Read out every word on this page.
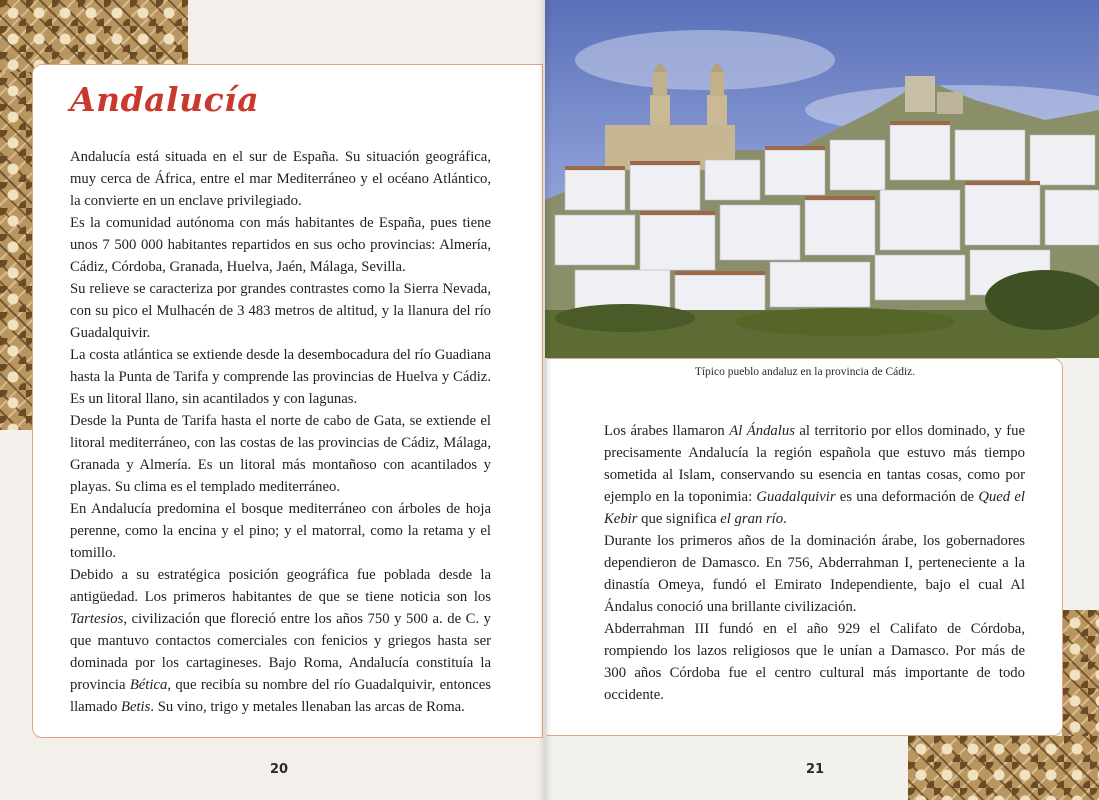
Andalucía

Andalucía está situada en el sur de España. Su situación geográfica, muy cerca de África, entre el mar Mediterráneo y el océano Atlántico, la convierte en un enclave privilegiado.

Es la comunidad autónoma con más habitantes de España, pues tiene unos 7 500 000 habitantes repartidos en sus ocho provincias: Almería, Cádiz, Córdoba, Granada, Huelva, Jaén, Málaga, Sevilla.

Su relieve se caracteriza por grandes contrastes como la Sierra Nevada, con su pico el Mulhacén de 3 483 metros de altitud, y la llanura del río Guadalquivir.

La costa atlántica se extiende desde la desembocadura del río Guadiana hasta la Punta de Tarifa y comprende las provincias de Huelva y Cádiz. Es un litoral llano, sin acantilados y con lagunas.

Desde la Punta de Tarifa hasta el norte de cabo de Gata, se extiende el litoral mediterráneo, con las costas de las provincias de Cádiz, Málaga, Granada y Almería. Es un litoral más montañoso con acantilados y playas. Su clima es el templado mediterráneo.

En Andalucía predomina el bosque mediterráneo con árboles de hoja perenne, como la encina y el pino; y el matorral, como la retama y el tomillo.

Debido a su estratégica posición geográfica fue poblada desde la antigüedad. Los primeros habitantes de que se tiene noticia son los Tartesios, civilización que floreció entre los años 750 y 500 a. de C. y que mantuvo contactos comerciales con fenicios y griegos hasta ser dominada por los cartagineses. Bajo Roma, Andalucía constituía la provincia Bética, que recibía su nombre del río Guadalquivir, entonces llamado Betis. Su vino, trigo y metales llenaban las arcas de Roma.

Típico pueblo andaluz en la provincia de Cádiz.

Los árabes llamaron Al Ándalus al territorio por ellos dominado, y fue precisamente Andalucía la región española que estuvo más tiempo sometida al Islam, conservando su esencia en tantas cosas, como por ejemplo en la toponimia: Guadalquivir es una deformación de Qued el Kebir que significa el gran río.

Durante los primeros años de la dominación árabe, los gobernadores dependieron de Damasco. En 756, Abderrahman I, perteneciente a la dinastía Omeya, fundó el Emirato Independiente, bajo el cual Al Ándalus conoció una brillante civilización.

Abderrahman III fundó en el año 929 el Califato de Córdoba, rompiendo los lazos religiosos que le unían a Damasco. Por más de 300 años Córdoba fue el centro cultural más importante de todo occidente.

20	21
